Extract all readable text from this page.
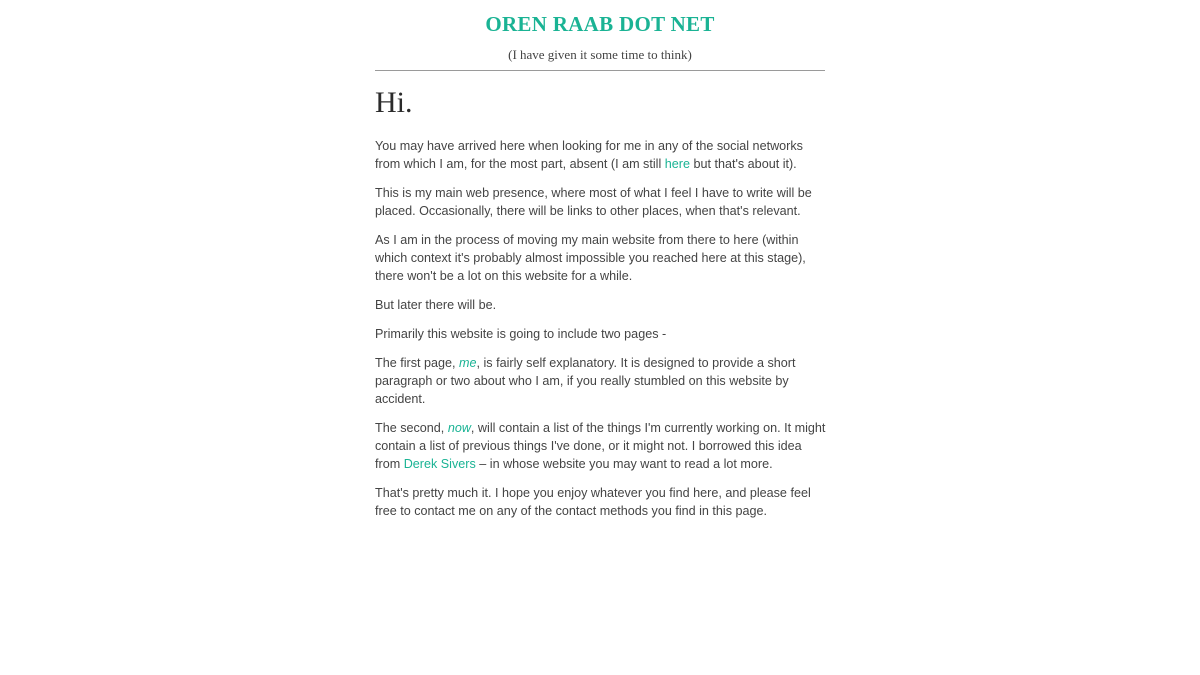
OREN RAAB DOT NET
(I have given it some time to think)
Hi.

You may have arrived here when looking for me in any of the social networks from which I am, for the most part, absent (I am still here but that's about it).

This is my main web presence, where most of what I feel I have to write will be placed. Occasionally, there will be links to other places, when that's relevant.

As I am in the process of moving my main website from there to here (within which context it's probably almost impossible you reached here at this stage), there won't be a lot on this website for a while.

But later there will be.

Primarily this website is going to include two pages -

The first page, me, is fairly self explanatory. It is designed to provide a short paragraph or two about who I am, if you really stumbled on this website by accident.

The second, now, will contain a list of the things I'm currently working on. It might contain a list of previous things I've done, or it might not. I borrowed this idea from Derek Sivers – in whose website you may want to read a lot more.

That's pretty much it. I hope you enjoy whatever you find here, and please feel free to contact me on any of the contact methods you find in this page.
